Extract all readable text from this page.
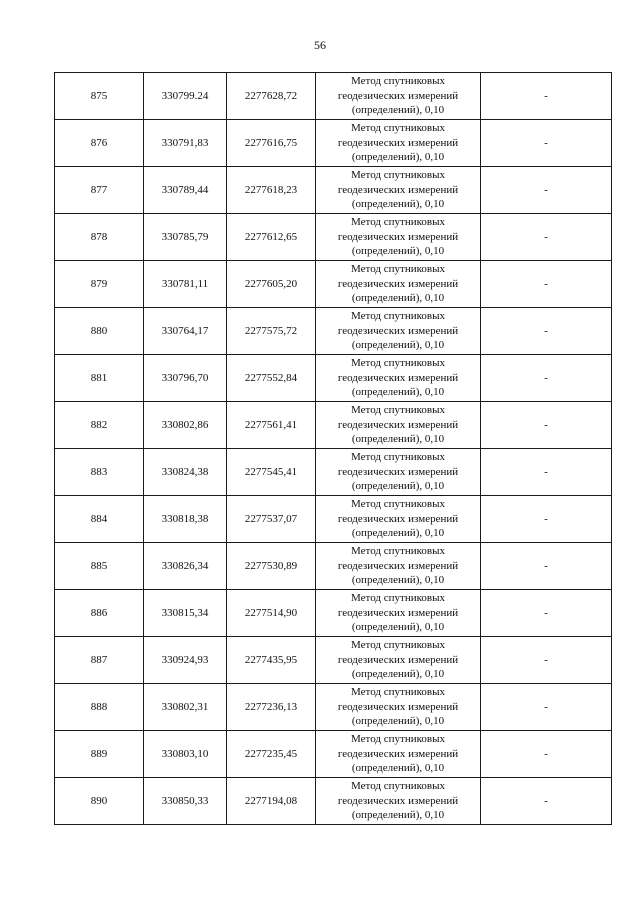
56
875	330799.24	2277628,72	Метод спутниковых
геодезических измерений
(определений), 0,10	-
876	330791,83	2277616,75	Метод спутниковых
геодезических измерений
(определений), 0,10	-
877	330789,44	2277618,23	Метод спутниковых
геодезических измерений
(определений), 0,10	-
878	330785,79	2277612,65	Метод спутниковых
геодезических измерений
(определений), 0,10	-
879	330781,11	2277605,20	Метод спутниковых
геодезических измерений
(определений), 0,10	-
880	330764,17	2277575,72	Метод спутниковых
геодезических измерений
(определений), 0,10	-
881	330796,70	2277552,84	Метод спутниковых
геодезических измерений
(определений), 0,10	-
882	330802,86	2277561,41	Метод спутниковых
геодезических измерений
(определений), 0,10	-
883	330824,38	2277545,41	Метод спутниковых
геодезических измерений
(определений), 0,10	-
884	330818,38	2277537,07	Метод спутниковых
геодезических измерений
(определений), 0,10	-
885	330826,34	2277530,89	Метод спутниковых
геодезических измерений
(определений), 0,10	-
886	330815,34	2277514,90	Метод спутниковых
геодезических измерений
(определений), 0,10	-
887	330924,93	2277435,95	Метод спутниковых
геодезических измерений
(определений), 0,10	-
888	330802,31	2277236,13	Метод спутниковых
геодезических измерений
(определений), 0,10	-
889	330803,10	2277235,45	Метод спутниковых
геодезических измерений
(определений), 0,10	-
890	330850,33	2277194,08	Метод спутниковых
геодезических измерений
(определений), 0,10	-
